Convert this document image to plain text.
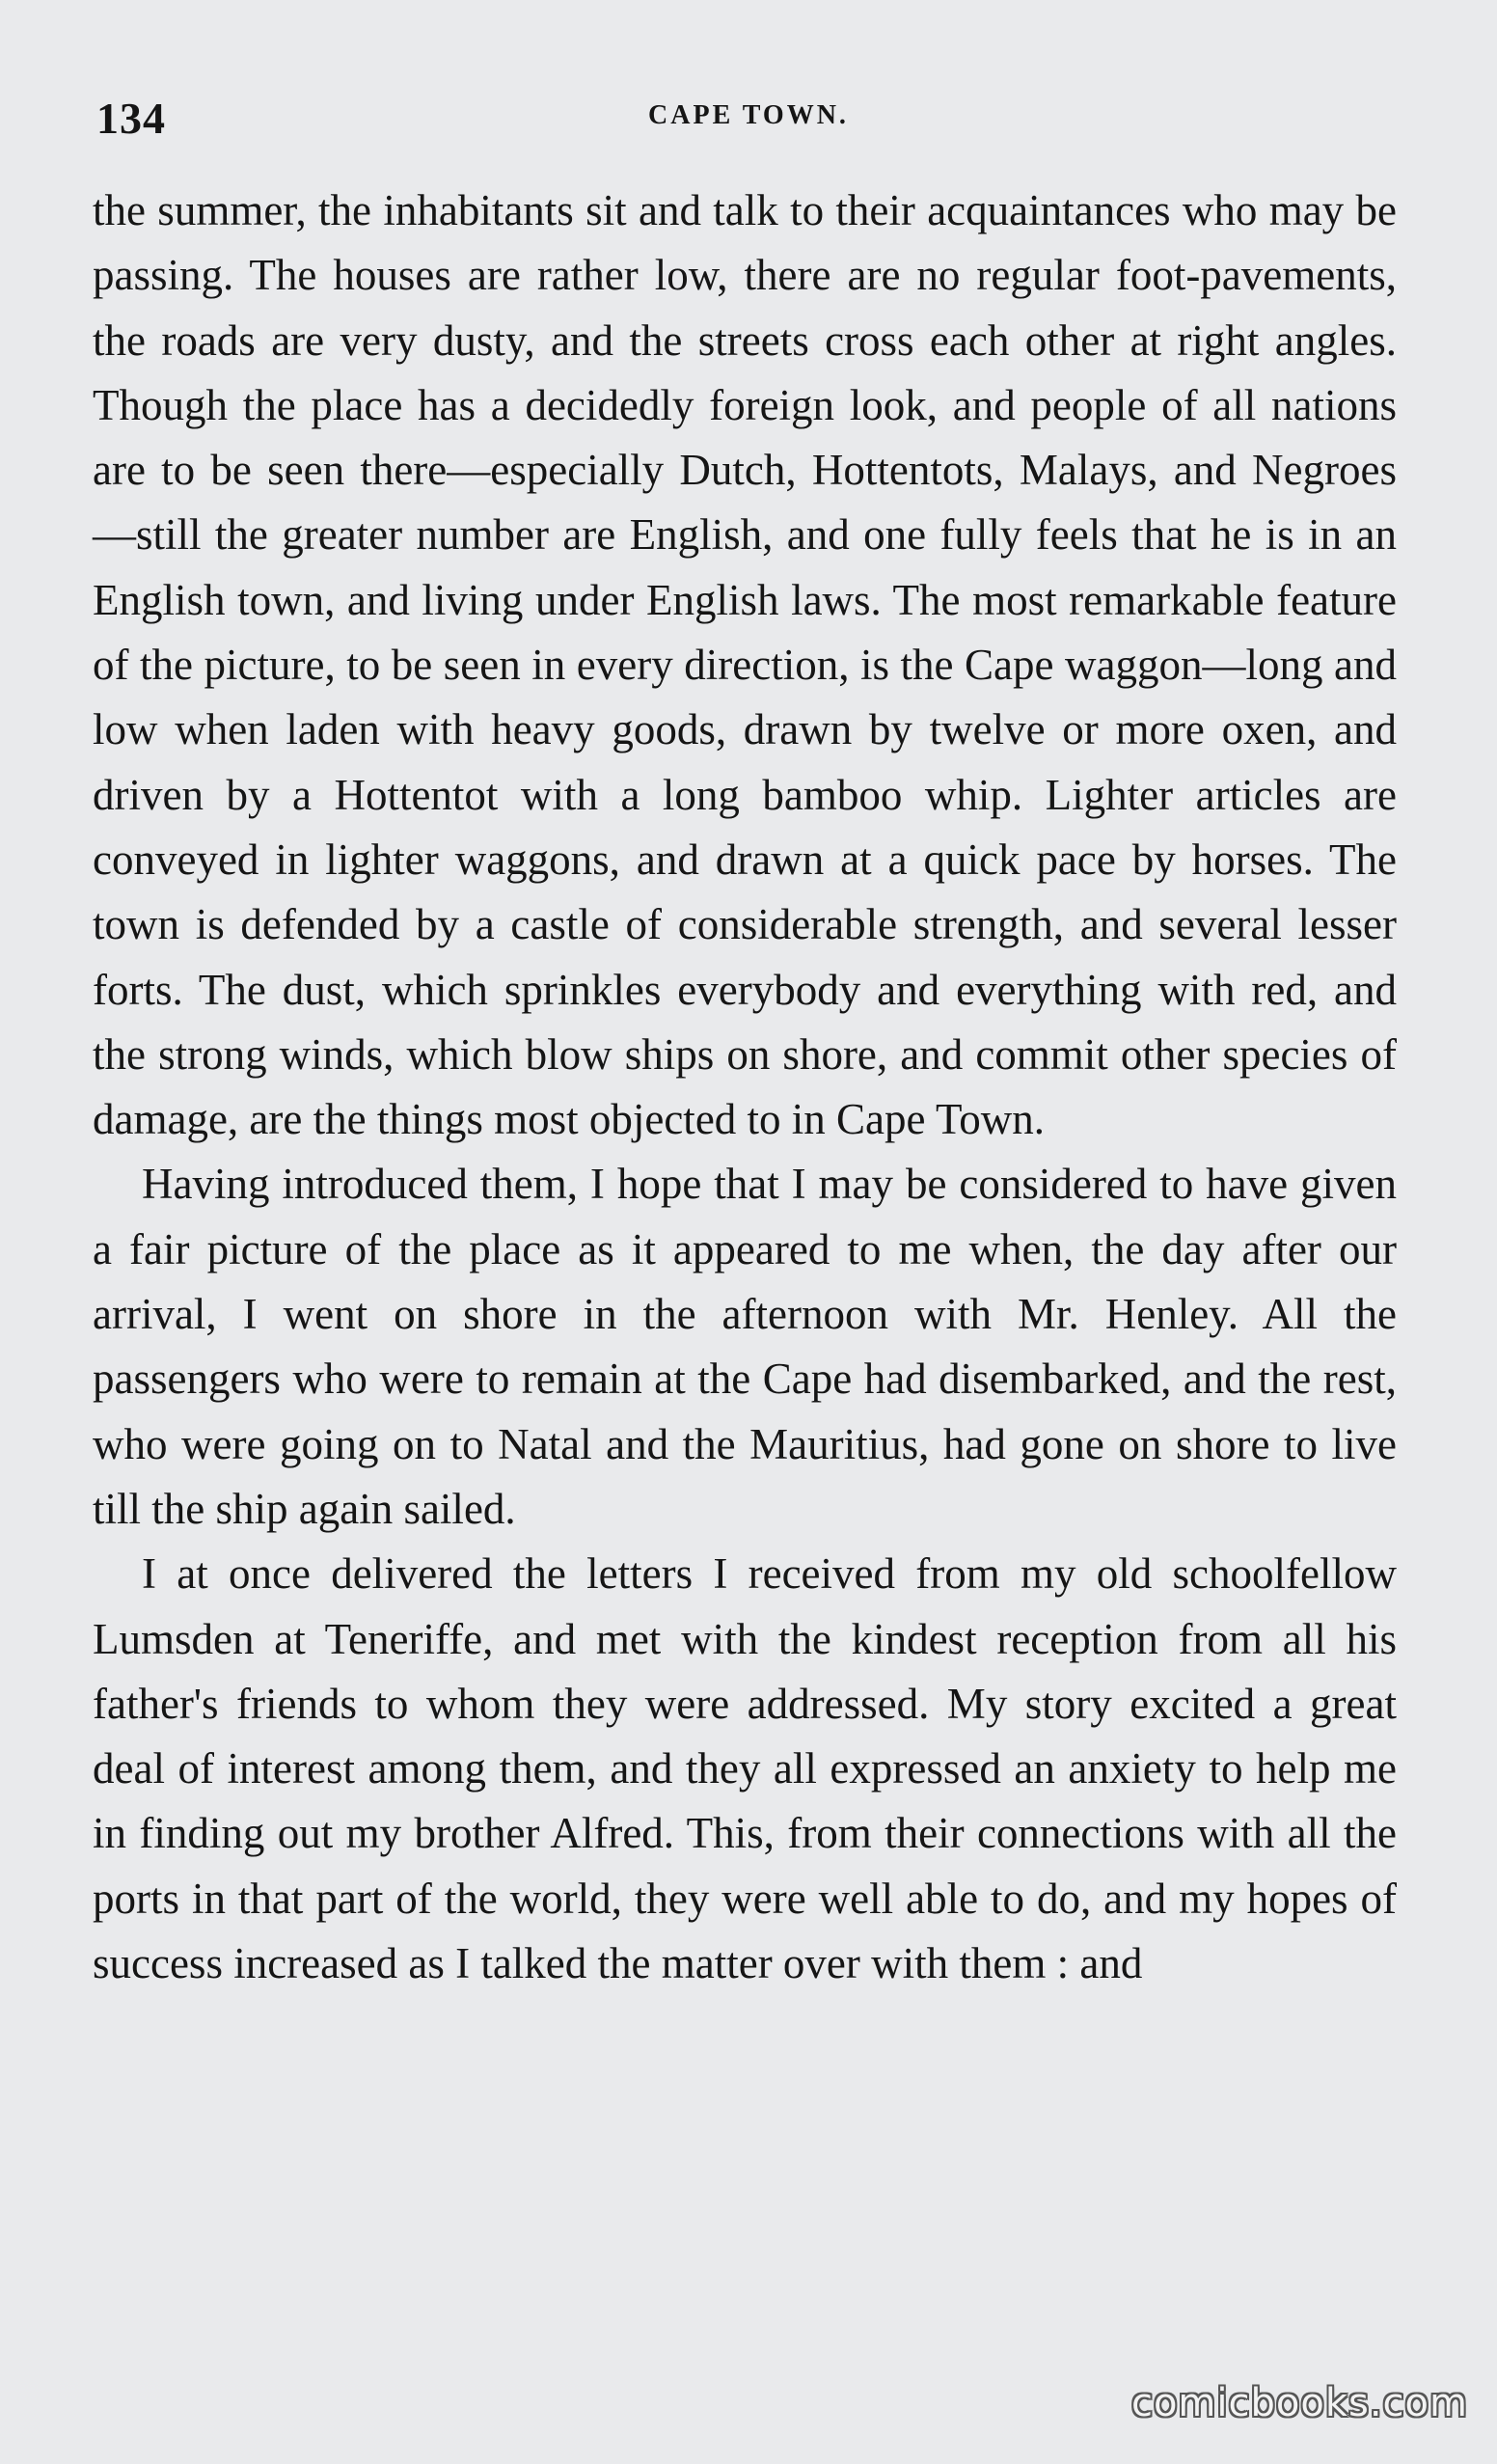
134	CAPE TOWN.

the summer, the inhabitants sit and talk to their acquaintances who may be passing. The houses are rather low, there are no regular foot-pavements, the roads are very dusty, and the streets cross each other at right angles. Though the place has a decidedly foreign look, and people of all nations are to be seen there—especially Dutch, Hottentots, Malays, and Negroes—still the greater number are English, and one fully feels that he is in an English town, and living under English laws. The most remarkable feature of the picture, to be seen in every direction, is the Cape waggon—long and low when laden with heavy goods, drawn by twelve or more oxen, and driven by a Hottentot with a long bamboo whip. Lighter articles are conveyed in lighter waggons, and drawn at a quick pace by horses. The town is defended by a castle of considerable strength, and several lesser forts. The dust, which sprinkles everybody and everything with red, and the strong winds, which blow ships on shore, and commit other species of damage, are the things most objected to in Cape Town.

Having introduced them, I hope that I may be considered to have given a fair picture of the place as it appeared to me when, the day after our arrival, I went on shore in the afternoon with Mr. Henley. All the passengers who were to remain at the Cape had disembarked, and the rest, who were going on to Natal and the Mauritius, had gone on shore to live till the ship again sailed.

I at once delivered the letters I received from my old schoolfellow Lumsden at Teneriffe, and met with the kindest reception from all his father's friends to whom they were addressed. My story excited a great deal of interest among them, and they all expressed an anxiety to help me in finding out my brother Alfred. This, from their connections with all the ports in that part of the world, they were well able to do, and my hopes of success increased as I talked the matter over with them : and

comicbooks.com
